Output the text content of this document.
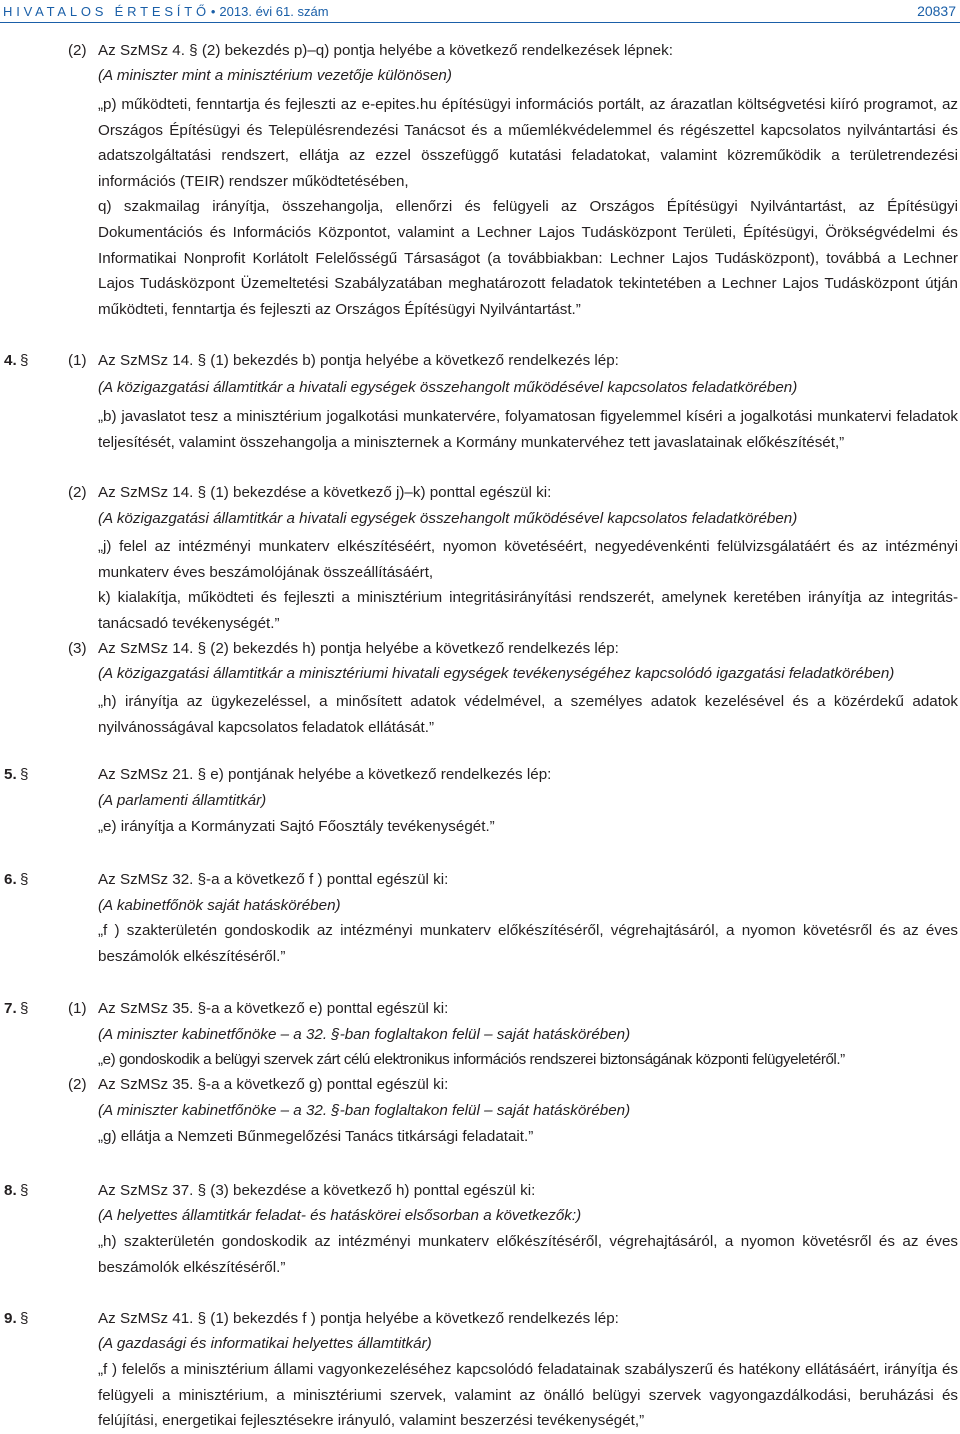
HIVATALOS ÉRTESÍTŐ• 2013. évi 61. szám	20837
(2) Az SzMSz 4. § (2) bekezdés p)–q) pontja helyébe a következő rendelkezések lépnek:
(A miniszter mint a minisztérium vezetője különösen)

„p) működteti, fenntartja és fejleszti az e-epites.hu építésügyi információs portált, az árazatlan költségvetési kiíró programot, az Országos Építésügyi és Településrendezési Tanácsot és a műemlékvédelemmel és régészettel kapcsolatos nyilvántartási és adatszolgáltatási rendszert, ellátja az ezzel összefüggő kutatási feladatokat, valamint közreműködik a területrendezési információs (TEIR) rendszer működtetésében,

q) szakmailag irányítja, összehangolja, ellenőrzi és felügyeli az Országos Építésügyi Nyilvántartást, az Építésügyi Dokumentációs és Információs Központot, valamint a Lechner Lajos Tudásközpont Területi, Építésügyi, Örökségvédelmi és Informatikai Nonprofit Korlátolt Felelősségű Társaságot (a továbbiakban: Lechner Lajos Tudásközpont), továbbá a Lechner Lajos Tudásközpont Üzemeltetési Szabályzatában meghatározott feladatok tekintetében a Lechner Lajos Tudásközpont útján működteti, fenntartja és fejleszti az Országos Építésügyi Nyilvántartást.”

4. §	(1) Az SzMSz 14. § (1) bekezdés b) pontja helyébe a következő rendelkezés lép:
(A közigazgatási államtitkár a hivatali egységek összehangolt működésével kapcsolatos feladatkörében)

„b) javaslatot tesz a minisztérium jogalkotási munkatervére, folyamatosan figyelemmel kíséri a jogalkotási munkatervi feladatok teljesítését, valamint összehangolja a miniszternek a Kormány munkatervéhez tett javaslatainak előkészítését,”

(2) Az SzMSz 14. § (1) bekezdése a következő j)–k) ponttal egészül ki:
(A közigazgatási államtitkár a hivatali egységek összehangolt működésével kapcsolatos feladatkörében)

„j) felel az intézményi munkaterv elkészítéséért, nyomon követéséért, negyedévenkénti felülvizsgálatáért és az intézményi munkaterv éves beszámolójának összeállításáért,

k) kialakítja, működteti és fejleszti a minisztérium integritásirányítási rendszerét, amelynek keretében irányítja az integritás-tanácsadó tevékenységét.”

(3) Az SzMSz 14. § (2) bekezdés h) pontja helyébe a következő rendelkezés lép:
(A közigazgatási államtitkár a minisztériumi hivatali egységek tevékenységéhez kapcsolódó igazgatási feladatkörében)

„h) irányítja az ügykezeléssel, a minősített adatok védelmével, a személyes adatok kezelésével és a közérdekű adatok nyilvánosságával kapcsolatos feladatok ellátását.”

5. §	Az SzMSz 21. § e) pontjának helyébe a következő rendelkezés lép:
(A parlamenti államtitkár)
„e) irányítja a Kormányzati Sajtó Főosztály tevékenységét.”
6. §	Az SzMSz 32. §-a a következő f ) ponttal egészül ki:
(A kabinetfőnök saját hatáskörében)

„f ) szakterületén gondoskodik az intézményi munkaterv előkészítéséről, végrehajtásáról, a nyomon követésről és az éves beszámolók elkészítéséről.”

7. §	(1) Az SzMSz 35. §-a a következő e) ponttal egészül ki:
(A miniszter kabinetfőnöke – a 32. §-ban foglaltakon felül – saját hatáskörében)
„e) gondoskodik a belügyi szervek zárt célú elektronikus információs rendszerei biztonságának központi felügyeletéről.”
(2) Az SzMSz 35. §-a a következő g) ponttal egészül ki:
(A miniszter kabinetfőnöke – a 32. §-ban foglaltakon felül – saját hatáskörében)
„g) ellátja a Nemzeti Bűnmegelőzési Tanács titkársági feladatait.”
8. §	Az SzMSz 37. § (3) bekezdése a következő h) ponttal egészül ki:
(A helyettes államtitkár feladat- és hatáskörei elsősorban a következők:)

„h) szakterületén gondoskodik az intézményi munkaterv előkészítéséről, végrehajtásáról, a nyomon követésről és az éves beszámolók elkészítéséről.”

9. §	Az SzMSz 41. § (1) bekezdés f ) pontja helyébe a következő rendelkezés lép:
(A gazdasági és informatikai helyettes államtitkár)

„f ) felelős a minisztérium állami vagyonkezeléséhez kapcsolódó feladatainak szabályszerű és hatékony ellátásáért, irányítja és felügyeli a minisztérium, a minisztériumi szervek, valamint az önálló belügyi szervek vagyongazdálkodási, beruházási és felújítási, energetikai fejlesztésekre irányuló, valamint beszerzési tevékenységét,”
